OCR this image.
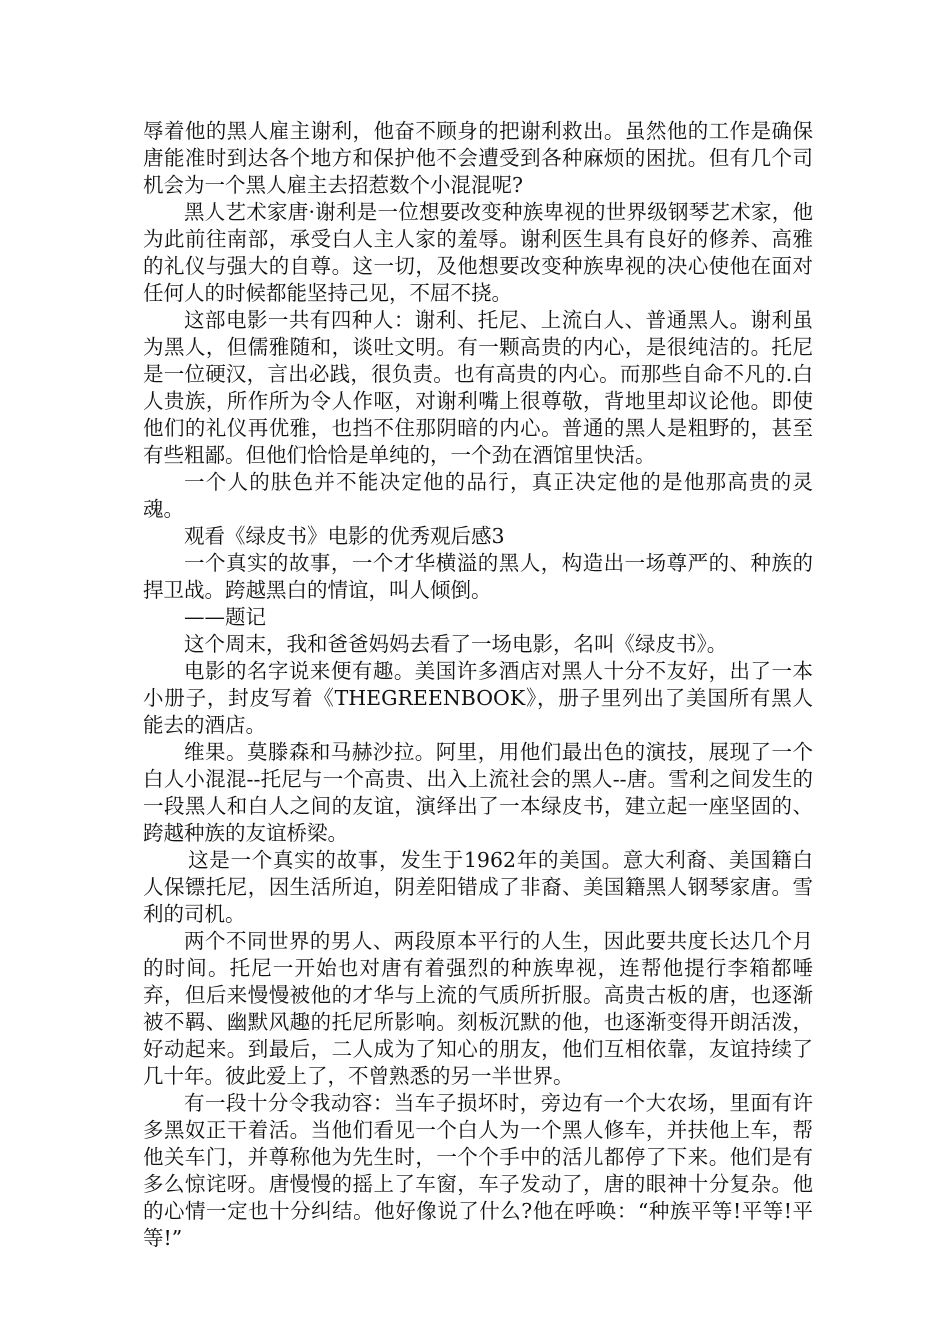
辱着他的黑人雇主谢利，他奋不顾身的把谢利救出。虽然他的工作是确保唐能准时到达各个地方和保护他不会遭受到各种麻烦的困扰。但有几个司机会为一个黑人雇主去招惹数个小混混呢?

黑人艺术家唐·谢利是一位想要改变种族卑视的世界级钢琴艺术家，他为此前往南部，承受白人主人家的羞辱。谢利医生具有良好的修养、高雅的礼仪与强大的自尊。这一切，及他想要改变种族卑视的决心使他在面对任何人的时候都能坚持己见，不屈不挠。

这部电影一共有四种人：谢利、托尼、上流白人、普通黑人。谢利虽为黑人，但儒雅随和，谈吐文明。有一颗高贵的内心，是很纯洁的。托尼是一位硬汉，言出必践，很负责。也有高贵的内心。而那些自命不凡的.白人贵族，所作所为令人作呕，对谢利嘴上很尊敬，背地里却议论他。即使他们的礼仪再优雅，也挡不住那阴暗的内心。普通的黑人是粗野的，甚至有些粗鄙。但他们恰恰是单纯的，一个劲在酒馆里快活。

一个人的肤色并不能决定他的品行，真正决定他的是他那高贵的灵魂。

观看《绿皮书》电影的优秀观后感3

一个真实的故事，一个才华横溢的黑人，构造出一场尊严的、种族的捍卫战。跨越黑白的情谊，叫人倾倒。

——题记

这个周末，我和爸爸妈妈去看了一场电影，名叫《绿皮书》。

电影的名字说来便有趣。美国许多酒店对黑人十分不友好，出了一本小册子，封皮写着《THEGREENBOOK》，册子里列出了美国所有黑人能去的酒店。

维果。莫滕森和马赫沙拉。阿里，用他们最出色的演技，展现了一个白人小混混--托尼与一个高贵、出入上流社会的黑人--唐。雪利之间发生的一段黑人和白人之间的友谊，演绎出了一本绿皮书，建立起一座坚固的、跨越种族的友谊桥梁。

这是一个真实的故事，发生于1962年的美国。意大利裔、美国籍白人保镖托尼，因生活所迫，阴差阳错成了非裔、美国籍黑人钢琴家唐。雪利的司机。

两个不同世界的男人、两段原本平行的人生，因此要共度长达几个月的时间。托尼一开始也对唐有着强烈的种族卑视，连帮他提行李箱都唾弃，但后来慢慢被他的才华与上流的气质所折服。高贵古板的唐，也逐渐被不羁、幽默风趣的托尼所影响。刻板沉默的他，也逐渐变得开朗活泼，好动起来。到最后，二人成为了知心的朋友，他们互相依靠，友谊持续了几十年。彼此爱上了，不曾熟悉的另一半世界。

有一段十分令我动容：当车子损坏时，旁边有一个大农场，里面有许多黑奴正干着活。当他们看见一个白人为一个黑人修车，并扶他上车，帮他关车门，并尊称他为先生时，一个个手中的活儿都停了下来。他们是有多么惊诧呀。唐慢慢的摇上了车窗，车子发动了，唐的眼神十分复杂。他的心情一定也十分纠结。他好像说了什么?他在呼唤：“种族平等!平等!平等!”
